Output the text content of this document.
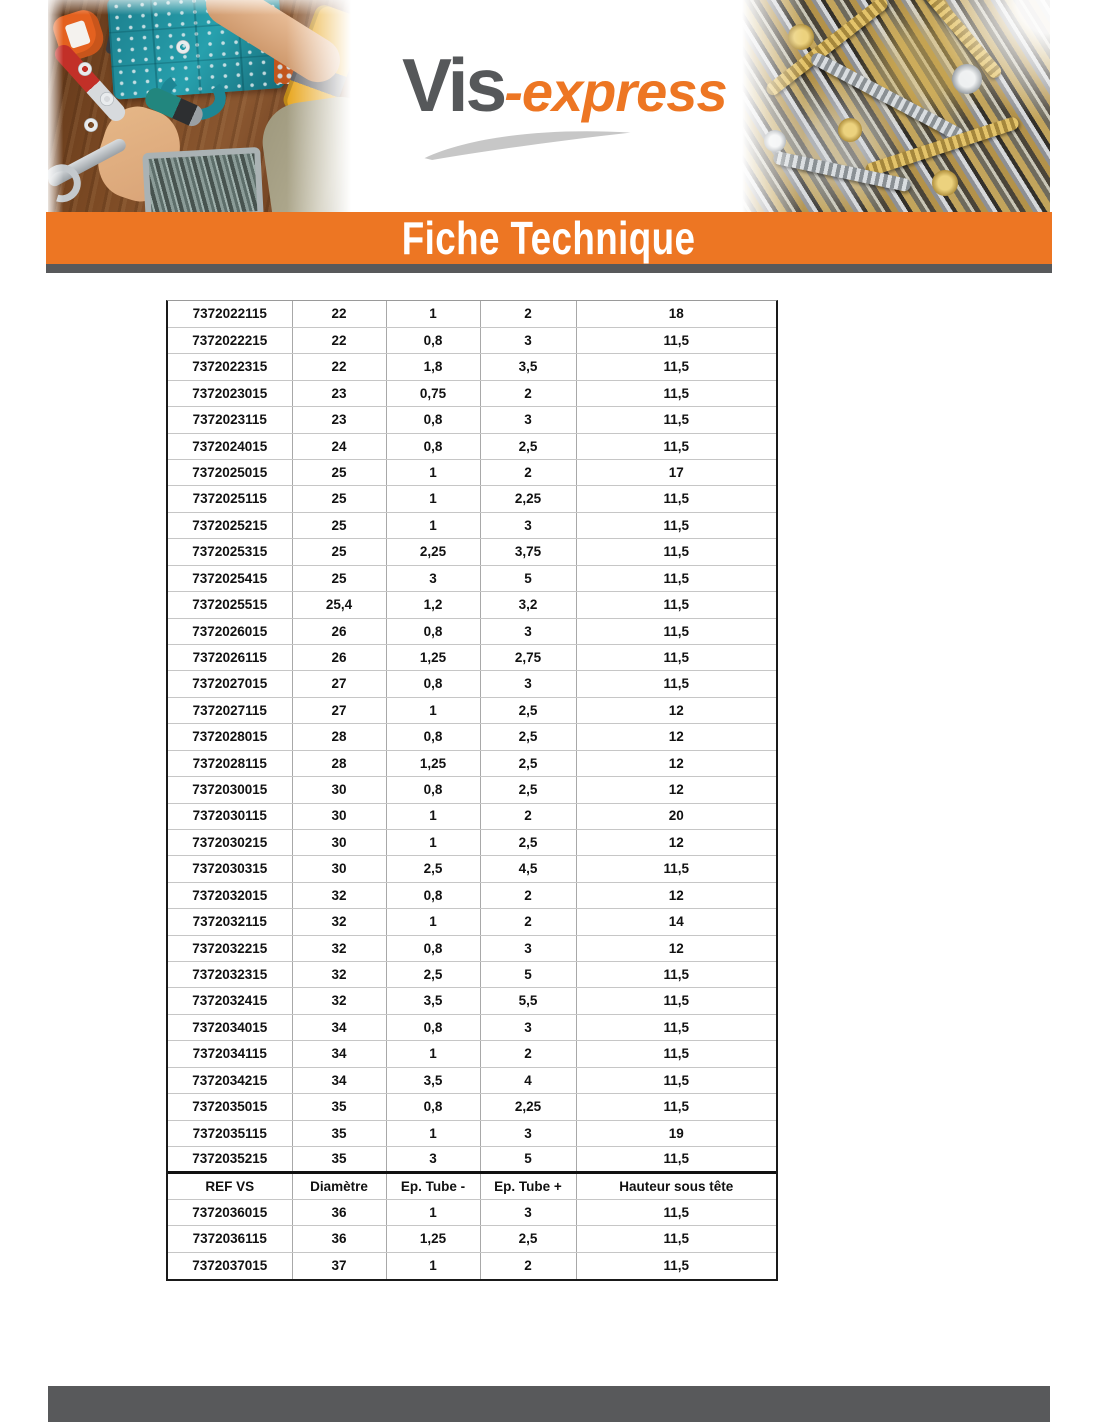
Vis-express
Fiche Technique
7372022115	22	1	2	18
7372022215	22	0,8	3	11,5
7372022315	22	1,8	3,5	11,5
7372023015	23	0,75	2	11,5
7372023115	23	0,8	3	11,5
7372024015	24	0,8	2,5	11,5
7372025015	25	1	2	17
7372025115	25	1	2,25	11,5
7372025215	25	1	3	11,5
7372025315	25	2,25	3,75	11,5
7372025415	25	3	5	11,5
7372025515	25,4	1,2	3,2	11,5
7372026015	26	0,8	3	11,5
7372026115	26	1,25	2,75	11,5
7372027015	27	0,8	3	11,5
7372027115	27	1	2,5	12
7372028015	28	0,8	2,5	12
7372028115	28	1,25	2,5	12
7372030015	30	0,8	2,5	12
7372030115	30	1	2	20
7372030215	30	1	2,5	12
7372030315	30	2,5	4,5	11,5
7372032015	32	0,8	2	12
7372032115	32	1	2	14
7372032215	32	0,8	3	12
7372032315	32	2,5	5	11,5
7372032415	32	3,5	5,5	11,5
7372034015	34	0,8	3	11,5
7372034115	34	1	2	11,5
7372034215	34	3,5	4	11,5
7372035015	35	0,8	2,25	11,5
7372035115	35	1	3	19
7372035215	35	3	5	11,5
REF VS	Diamètre	Ep. Tube -	Ep. Tube +	Hauteur sous tête
7372036015	36	1	3	11,5
7372036115	36	1,25	2,5	11,5
7372037015	37	1	2	11,5
